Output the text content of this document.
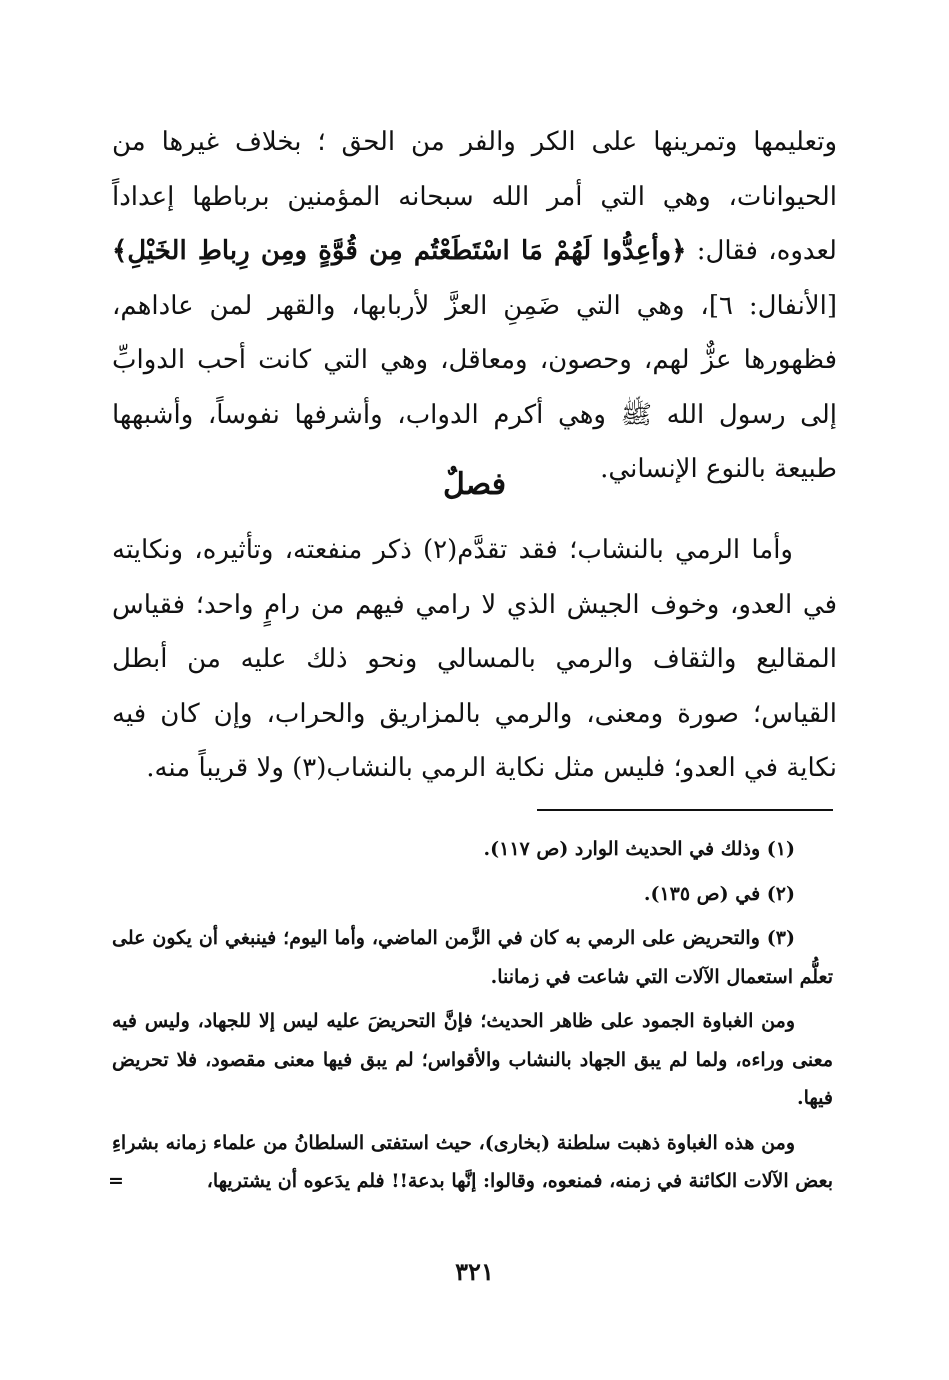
وتعليمها وتمرينها على الكر والفر من الحق ؛ بخلاف غيرها من الحيوانات، وهي التي أمر الله سبحانه المؤمنين برباطها إعداداً لعدوه، فقال: ﴿وأعِدُّوا لَهُمْ مَا اسْتَطَعْتُم مِن قُوَّةٍ ومِن رِباطِ الخَيْلِ﴾ [الأنفال: ٦]، وهي التي ضَمِنِ العزَّ لأربابها، والقهر لمن عاداهم، فظهورها عزٌّ لهم، وحصون، ومعاقل، وهي التي كانت أحب الدوابِّ إلى رسول الله ﷺ وهي أكرم الدواب، وأشرفها نفوساً، وأشبهها طبيعة بالنوع الإنساني.

فصلٌ

وأما الرمي بالنشاب؛ فقد تقدَّم(٢) ذكر منفعته، وتأثيره، ونكايته في العدو، وخوف الجيش الذي لا رامي فيهم من رامٍ واحد؛ فقياس المقاليع والثقاف والرمي بالمسالي ونحو ذلك عليه من أبطل القياس؛ صورة ومعنى، والرمي بالمزاريق والحراب، وإن كان فيه نكاية في العدو؛ فليس مثل نكاية الرمي بالنشاب(٣) ولا قريباً منه.

(١) وذلك في الحديث الوارد (ص ١١٧).

(٢) في (ص ١٣٥).

(٣) والتحريض على الرمي به كان في الزَّمن الماضي، وأما اليوم؛ فينبغي أن يكون على تعلُّم استعمال الآلات التي شاعت في زماننا.

ومن الغباوة الجمود على ظاهر الحديث؛ فإنَّ التحريضَ عليه ليس إلا للجهاد، وليس فيه معنى وراءه، ولما لم يبق الجهاد بالنشاب والأقواس؛ لم يبق فيها معنى مقصود، فلا تحريض فيها.

ومن هذه الغباوة ذهبت سلطنة (بخارى)، حيث استفتى السلطانُ من علماء زمانه بشراءِ بعض الآلات الكائنة في زمنه، فمنعوه، وقالوا: إنَّها بدعة!! فلم يدَعوه أن يشتريها،
=

٣٢١
